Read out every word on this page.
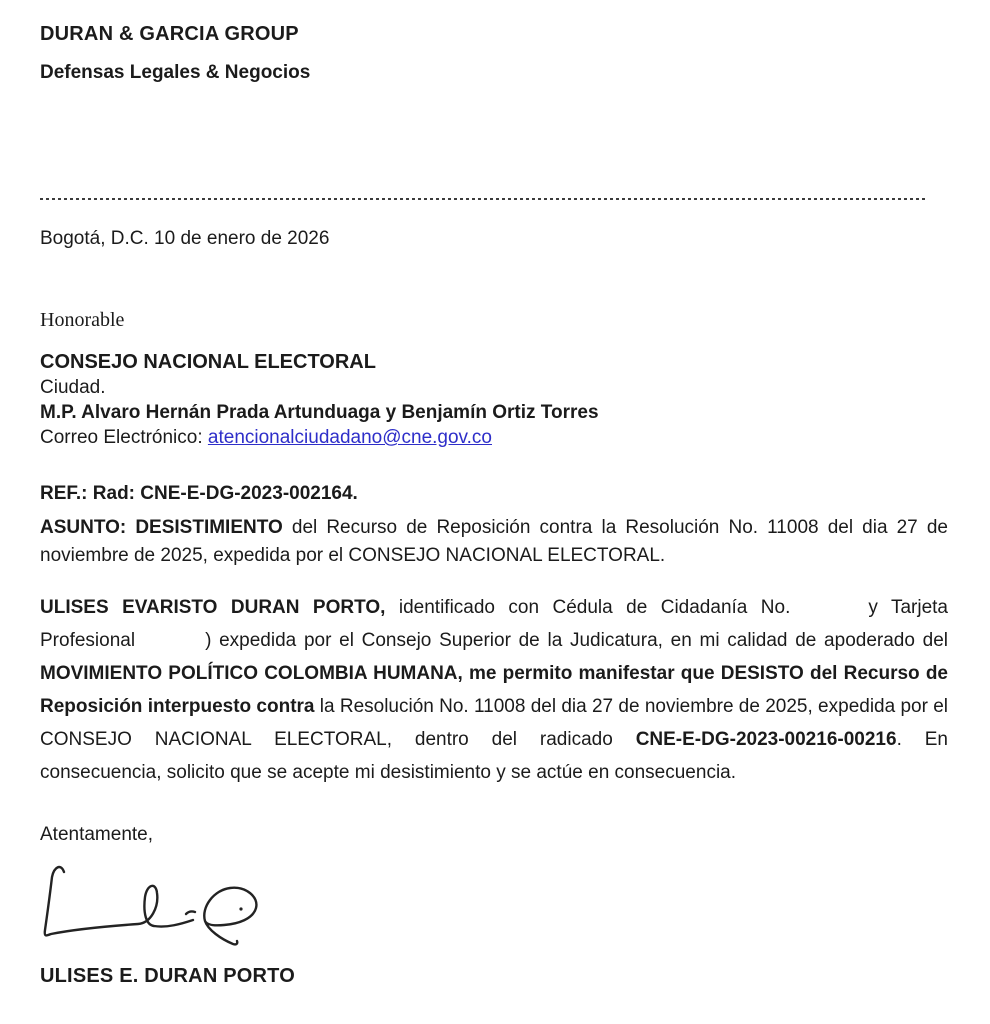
DURAN & GARCIA GROUP
Defensas Legales & Negocios
Bogotá, D.C. 10 de enero de 2026
Honorable
CONSEJO NACIONAL ELECTORAL
Ciudad.
M.P. Alvaro Hernán Prada Artunduaga y Benjamín Ortiz Torres
Correo Electrónico: atencionalciudadano@cne.gov.co
REF.: Rad: CNE-E-DG-2023-002164.

ASUNTO: DESISTIMIENTO del Recurso de Reposición contra la Resolución No. 11008 del dia 27 de noviembre de 2025, expedida por el CONSEJO NACIONAL ELECTORAL.

ULISES EVARISTO DURAN PORTO, identificado con Cédula de Cidadanía No.	y Tarjeta Profesional	) expedida por el Consejo Superior de la Judicatura, en mi calidad de apoderado del MOVIMIENTO POLÍTICO COLOMBIA HUMANA, me permito manifestar que DESISTO del Recurso de Reposición interpuesto contra la Resolución No. 11008 del dia 27 de noviembre de 2025, expedida por el CONSEJO NACIONAL ELECTORAL, dentro del radicado CNE-E-DG-2023-00216-00216. En consecuencia, solicito que se acepte mi desistimiento y se actúe en consecuencia.

Atentamente,
ULISES E. DURAN PORTO
